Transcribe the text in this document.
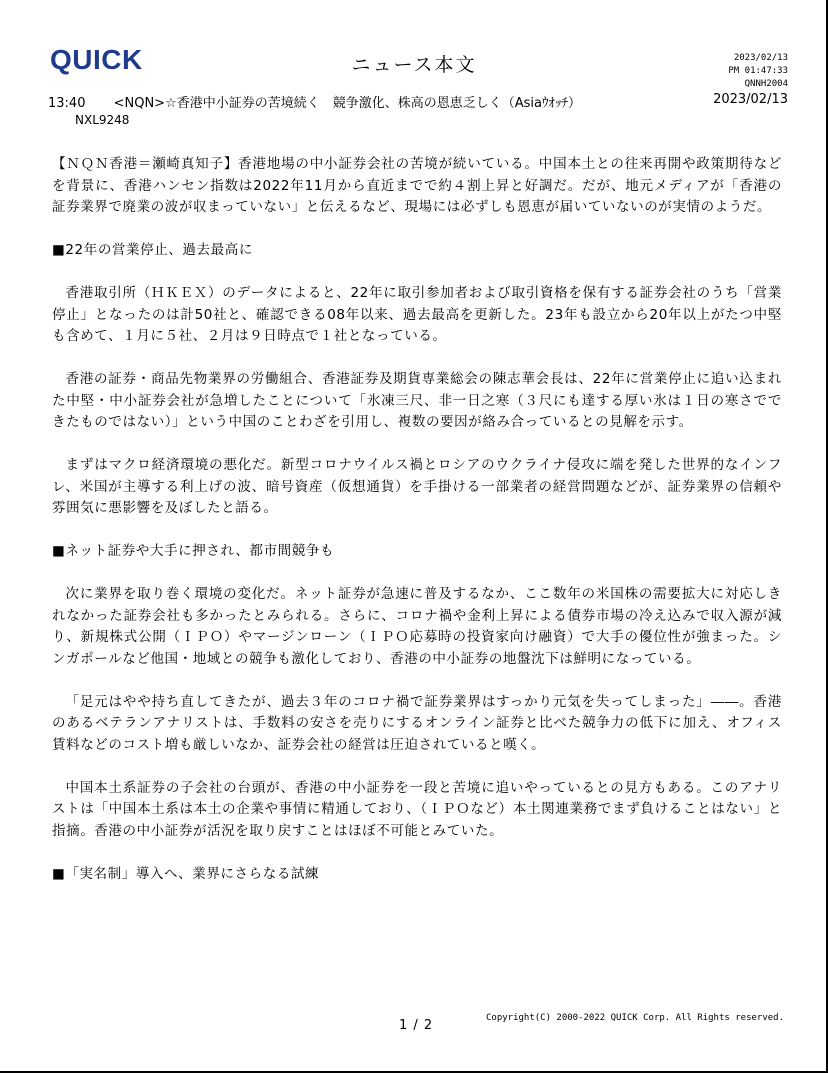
QUICK	ニュース本文	2023/02/13
PM 01:47:33
QNNH2004
13:40 <NQN>☆香港中小証券の苦境続く　競争激化、株高の恩恵乏しく（Asiaｳｵｯﾁ）	2023/02/13
NXL9248

【ＮＱＮ香港＝瀬崎真知子】香港地場の中小証券会社の苦境が続いている。中国本土との往来再開や政策期待などを背景に、香港ハンセン指数は2022年11月から直近までで約４割上昇と好調だ。だが、地元メディアが「香港の証券業界で廃業の波が収まっていない」と伝えるなど、現場には必ずしも恩恵が届いていないのが実情のようだ。

■22年の営業停止、過去最高に

香港取引所（ＨＫＥＸ）のデータによると、22年に取引参加者および取引資格を保有する証券会社のうち「営業停止」となったのは計50社と、確認できる08年以来、過去最高を更新した。23年も設立から20年以上がたつ中堅も含めて、１月に５社、２月は９日時点で１社となっている。

香港の証券・商品先物業界の労働組合、香港証券及期貨専業総会の陳志華会長は、22年に営業停止に追い込まれた中堅・中小証券会社が急増したことについて「氷凍三尺、非一日之寒（３尺にも達する厚い氷は１日の寒さでできたものではない）」という中国のことわざを引用し、複数の要因が絡み合っているとの見解を示す。

まずはマクロ経済環境の悪化だ。新型コロナウイルス禍とロシアのウクライナ侵攻に端を発した世界的なインフレ、米国が主導する利上げの波、暗号資産（仮想通貨）を手掛ける一部業者の経営問題などが、証券業界の信頼や雰囲気に悪影響を及ぼしたと語る。

■ネット証券や大手に押され、都市間競争も

次に業界を取り巻く環境の変化だ。ネット証券が急速に普及するなか、ここ数年の米国株の需要拡大に対応しきれなかった証券会社も多かったとみられる。さらに、コロナ禍や金利上昇による債券市場の冷え込みで収入源が減り、新規株式公開（ＩＰＯ）やマージンローン（ＩＰＯ応募時の投資家向け融資）で大手の優位性が強まった。シンガポールなど他国・地域との競争も激化しており、香港の中小証券の地盤沈下は鮮明になっている。

「足元はやや持ち直してきたが、過去３年のコロナ禍で証券業界はすっかり元気を失ってしまった」――。香港のあるベテランアナリストは、手数料の安さを売りにするオンライン証券と比べた競争力の低下に加え、オフィス賃料などのコスト増も厳しいなか、証券会社の経営は圧迫されていると嘆く。

中国本土系証券の子会社の台頭が、香港の中小証券を一段と苦境に追いやっているとの見方もある。このアナリストは「中国本土系は本土の企業や事情に精通しており、（ＩＰＯなど）本土関連業務でまず負けることはない」と指摘。香港の中小証券が活況を取り戻すことはほぼ不可能とみていた。

■「実名制」導入へ、業界にさらなる試練
1 / 2	Copyright(C) 2000-2022 QUICK Corp. All Rights reserved.
